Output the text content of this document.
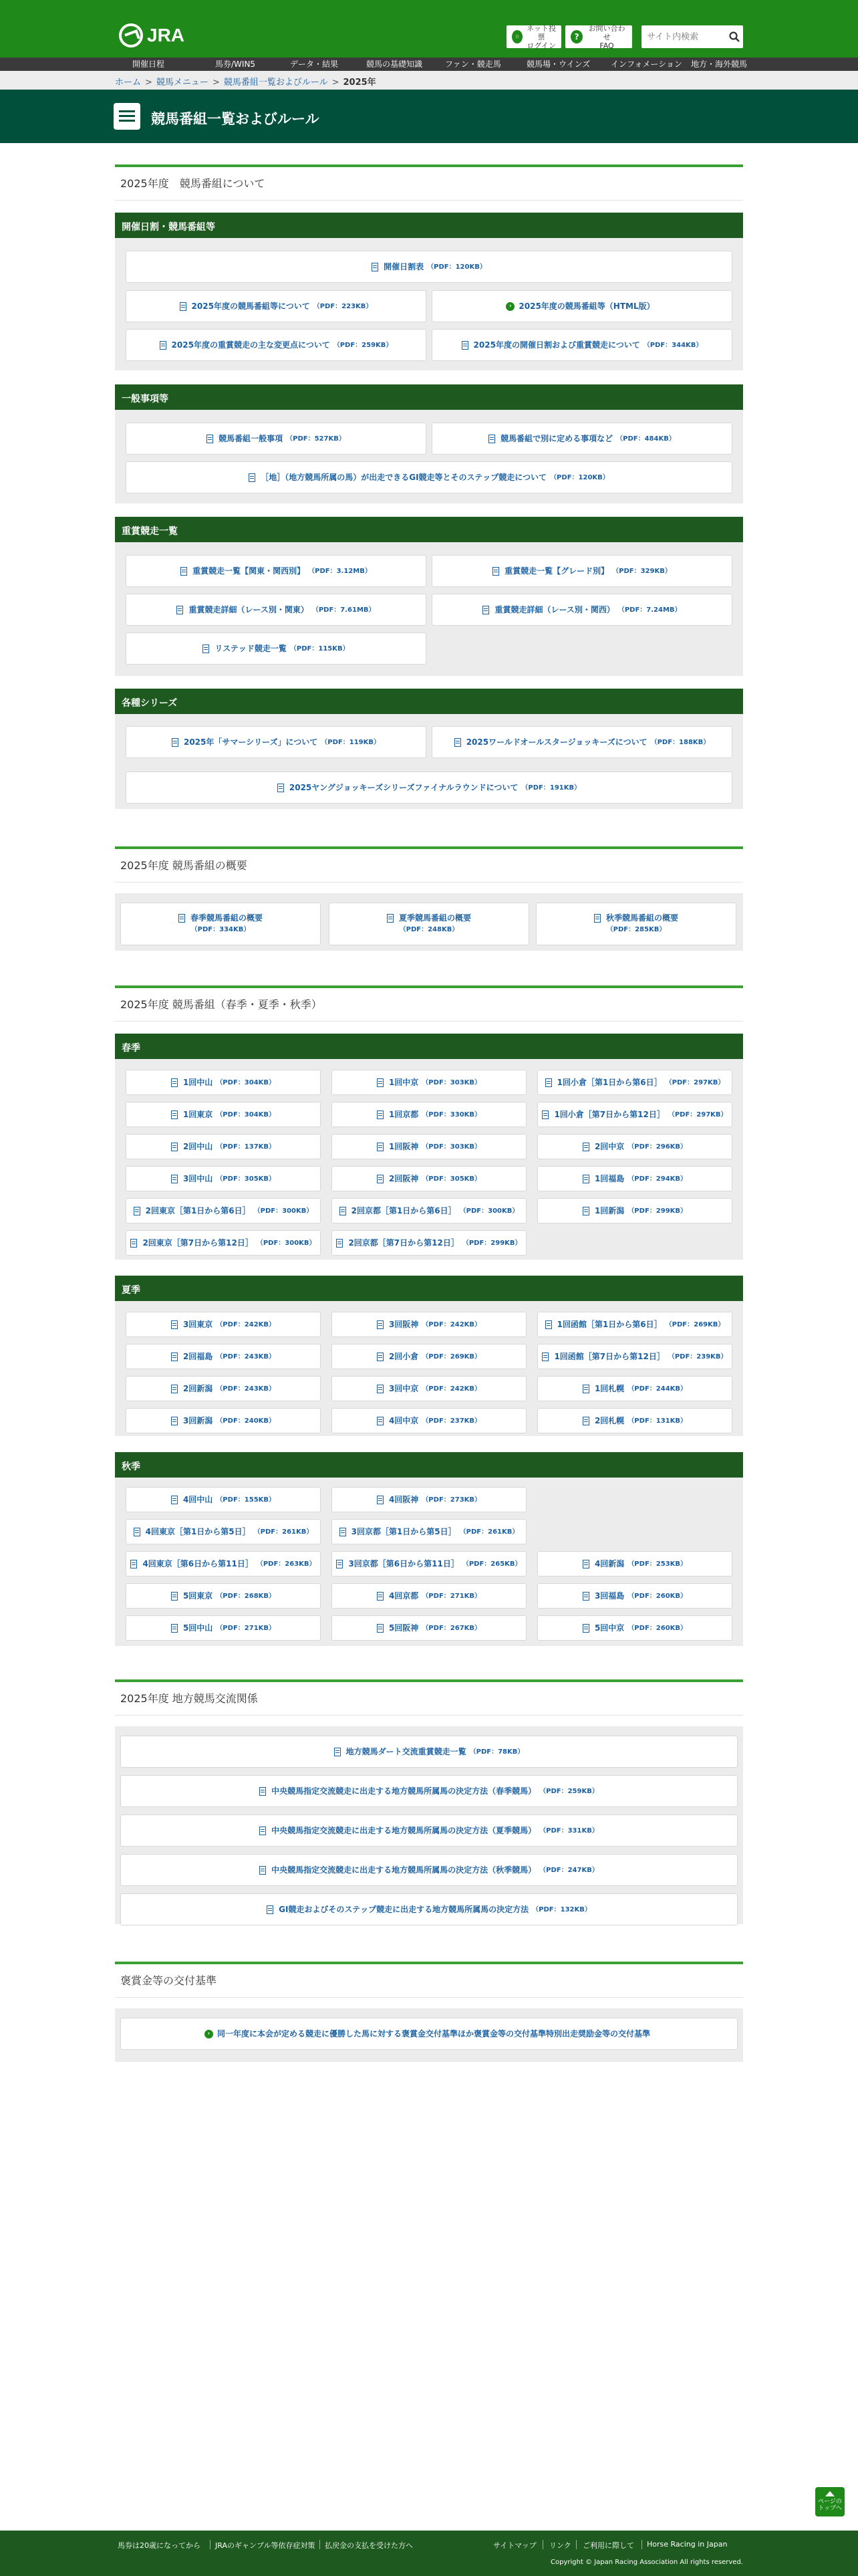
JRA	◦
ネット投票
ログイン
?
お問い合わせ
FAQ
サイト内検索
開催日程	馬券/WIN5	データ・結果	競馬の基礎知識	ファン・競走馬	競馬場・ウインズ	インフォメーション 地方・海外競馬
ホーム > 競馬メニュー > 競馬番組一覧およびルール > 2025年
競馬番組一覧およびルール
2025年度　競馬番組について
開催日割・競馬番組等
開催日割表 （PDF：120KB）
2025年度の競馬番組等について （PDF：223KB）	› 2025年度の競馬番組等（HTML版）
2025年度の重賞競走の主な変更点について （PDF：259KB）	2025年度の開催日割および重賞競走について （PDF：344KB）
一般事項等
競馬番組一般事項 （PDF：527KB）	競馬番組で別に定める事項など （PDF：484KB）
［地］（地方競馬所属の馬）が出走できるGI競走等とそのステップ競走について （PDF：120KB）
重賞競走一覧
重賞競走一覧【関東・関西別】 （PDF：3.12MB）	重賞競走一覧【グレード別】 （PDF：329KB）
重賞競走詳細（レース別・関東） （PDF：7.61MB）	重賞競走詳細（レース別・関西） （PDF：7.24MB）
リステッド競走一覧 （PDF：115KB）
各種シリーズ
2025年「サマーシリーズ」について （PDF：119KB）	2025ワールドオールスタージョッキーズについて （PDF：188KB）
2025ヤングジョッキーズシリーズファイナルラウンドについて （PDF：191KB）
2025年度 競馬番組の概要
春季競馬番組の概要
（PDF：334KB）
夏季競馬番組の概要
（PDF：248KB）
秋季競馬番組の概要
（PDF：285KB）
2025年度 競馬番組（春季・夏季・秋季）
春季
1回中山 （PDF：304KB）	1回中京 （PDF：303KB）	1回小倉［第1日から第6日］ （PDF：297KB）
1回東京 （PDF：304KB）	1回京都 （PDF：330KB）	1回小倉［第7日から第12日］ （PDF：297KB）
2回中山 （PDF：137KB）	1回阪神 （PDF：303KB）	2回中京 （PDF：296KB）
3回中山 （PDF：305KB）	2回阪神 （PDF：305KB）	1回福島 （PDF：294KB）
2回東京［第1日から第6日］ （PDF：300KB）	2回京都［第1日から第6日］ （PDF：300KB）	1回新潟 （PDF：299KB）
2回東京［第7日から第12日］ （PDF：300KB）	2回京都［第7日から第12日］ （PDF：299KB）
夏季
3回東京 （PDF：242KB）	3回阪神 （PDF：242KB）	1回函館［第1日から第6日］ （PDF：269KB）
2回福島 （PDF：243KB）	2回小倉 （PDF：269KB）	1回函館［第7日から第12日］ （PDF：239KB）
2回新潟 （PDF：243KB）	3回中京 （PDF：242KB）	1回札幌 （PDF：244KB）
3回新潟 （PDF：240KB）	4回中京 （PDF：237KB）	2回札幌 （PDF：131KB）
秋季
4回中山 （PDF：155KB）	4回阪神 （PDF：273KB）
4回東京［第1日から第5日］ （PDF：261KB）	3回京都［第1日から第5日］ （PDF：261KB）
4回東京［第6日から第11日］ （PDF：263KB）	3回京都［第6日から第11日］ （PDF：265KB）	4回新潟 （PDF：253KB）
5回東京 （PDF：268KB）	4回京都 （PDF：271KB）	3回福島 （PDF：260KB）
5回中山 （PDF：271KB）	5回阪神 （PDF：267KB）	5回中京 （PDF：260KB）
2025年度 地方競馬交流関係
地方競馬ダート交流重賞競走一覧 （PDF：78KB）
中央競馬指定交流競走に出走する地方競馬所属馬の決定方法（春季競馬） （PDF：259KB）
中央競馬指定交流競走に出走する地方競馬所属馬の決定方法（夏季競馬） （PDF：331KB）
中央競馬指定交流競走に出走する地方競馬所属馬の決定方法（秋季競馬） （PDF：247KB）
GI競走およびそのステップ競走に出走する地方競馬所属馬の決定方法 （PDF：132KB）
褒賞金等の交付基準
› 同一年度に本会が定める競走に優勝した馬に対する褒賞金交付基準ほか褒賞金等の交付基準特別出走奨励金等の交付基準
ページの
トップへ
馬券は20歳になってから JRAのギャンブル等依存症対策 払戻金の支払を受けた方へ	サイトマップ リンク ご利用に際して Horse Racing in Japan
Copyright © Japan Racing Association All rights reserved.
